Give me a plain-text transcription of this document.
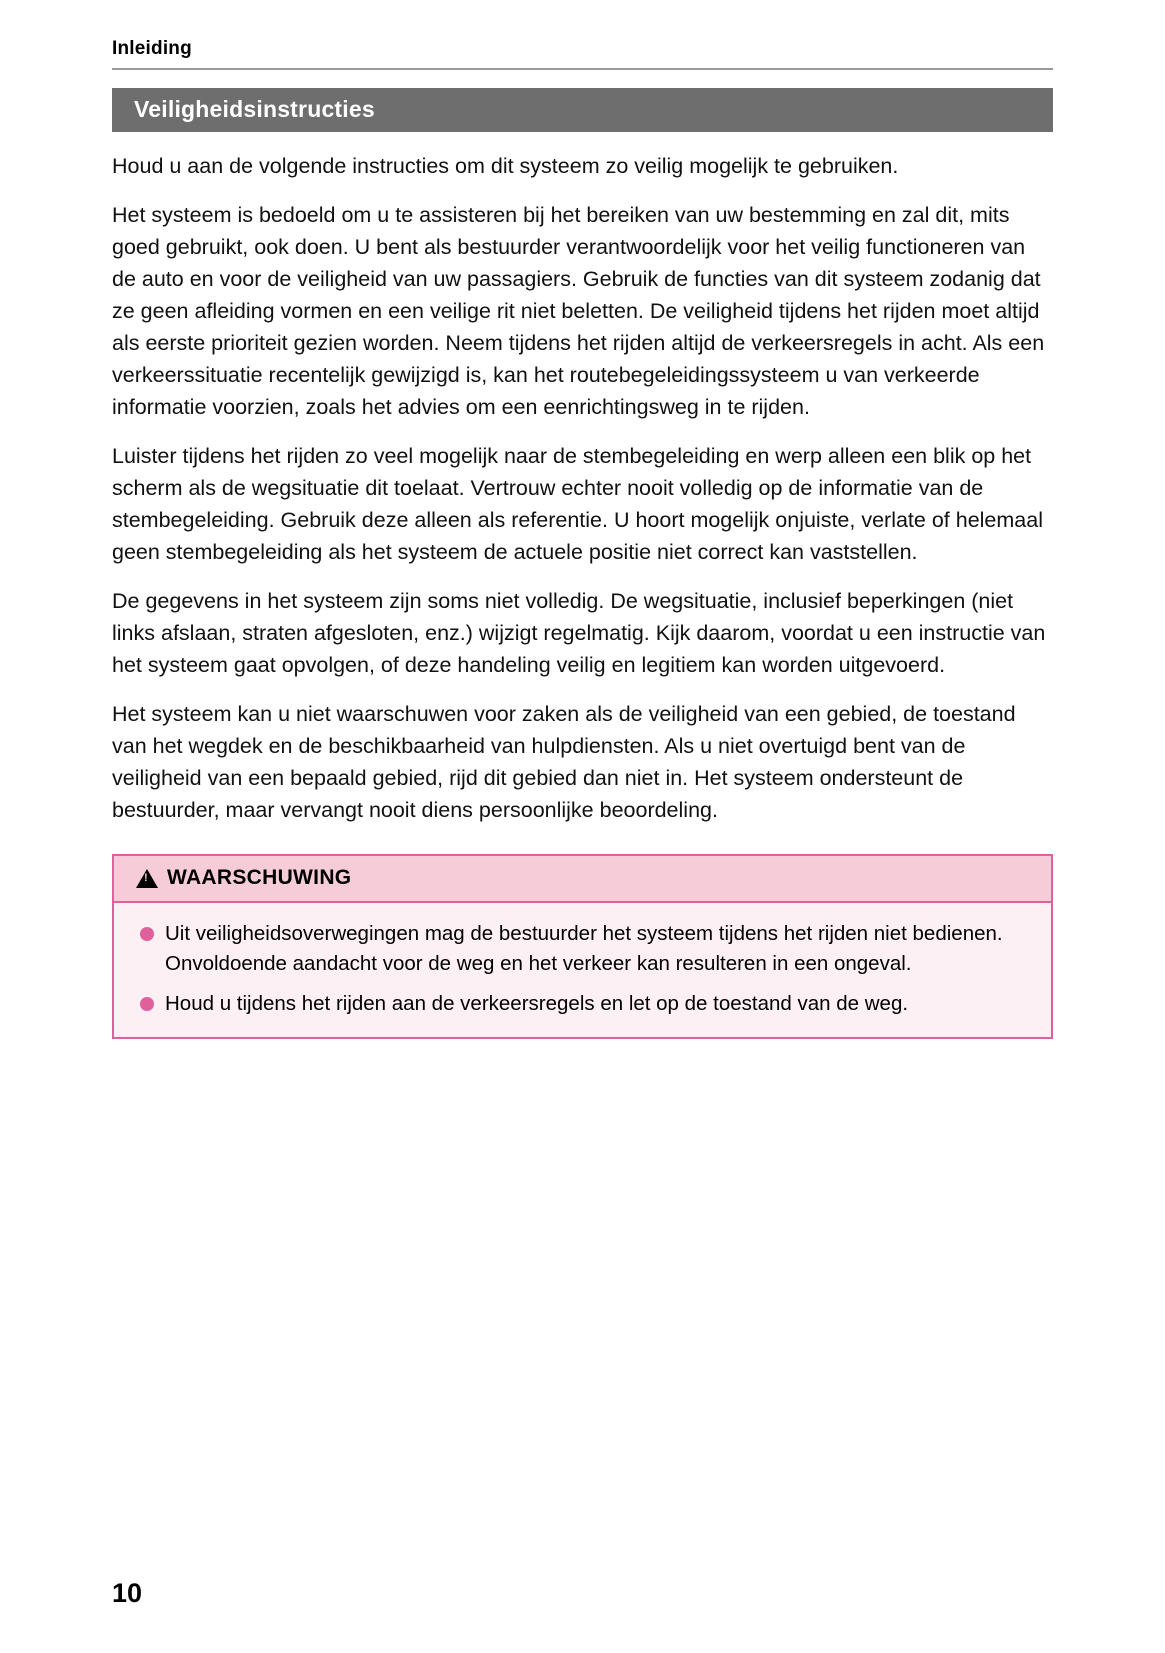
Inleiding
Veiligheidsinstructies

Houd u aan de volgende instructies om dit systeem zo veilig mogelijk te gebruiken.

Het systeem is bedoeld om u te assisteren bij het bereiken van uw bestemming en zal dit, mits goed gebruikt, ook doen. U bent als bestuurder verantwoordelijk voor het veilig functioneren van de auto en voor de veiligheid van uw passagiers. Gebruik de functies van dit systeem zodanig dat ze geen afleiding vormen en een veilige rit niet beletten. De veiligheid tijdens het rijden moet altijd als eerste prioriteit gezien worden. Neem tijdens het rijden altijd de verkeersregels in acht. Als een verkeerssituatie recentelijk gewijzigd is, kan het routebegeleidingssysteem u van verkeerde informatie voorzien, zoals het advies om een eenrichtingsweg in te rijden.

Luister tijdens het rijden zo veel mogelijk naar de stembegeleiding en werp alleen een blik op het scherm als de wegsituatie dit toelaat. Vertrouw echter nooit volledig op de informatie van de stembegeleiding. Gebruik deze alleen als referentie. U hoort mogelijk onjuiste, verlate of helemaal geen stembegeleiding als het systeem de actuele positie niet correct kan vaststellen.

De gegevens in het systeem zijn soms niet volledig. De wegsituatie, inclusief beperkingen (niet links afslaan, straten afgesloten, enz.) wijzigt regelmatig. Kijk daarom, voordat u een instructie van het systeem gaat opvolgen, of deze handeling veilig en legitiem kan worden uitgevoerd.

Het systeem kan u niet waarschuwen voor zaken als de veiligheid van een gebied, de toestand van het wegdek en de beschikbaarheid van hulpdiensten. Als u niet overtuigd bent van de veiligheid van een bepaald gebied, rijd dit gebied dan niet in. Het systeem ondersteunt de bestuurder, maar vervangt nooit diens persoonlijke beoordeling.

!
WAARSCHUWING
Uit veiligheidsoverwegingen mag de bestuurder het systeem tijdens het rijden niet bedienen. Onvoldoende aandacht voor de weg en het verkeer kan resulteren in een ongeval.
Houd u tijdens het rijden aan de verkeersregels en let op de toestand van de weg.
10
